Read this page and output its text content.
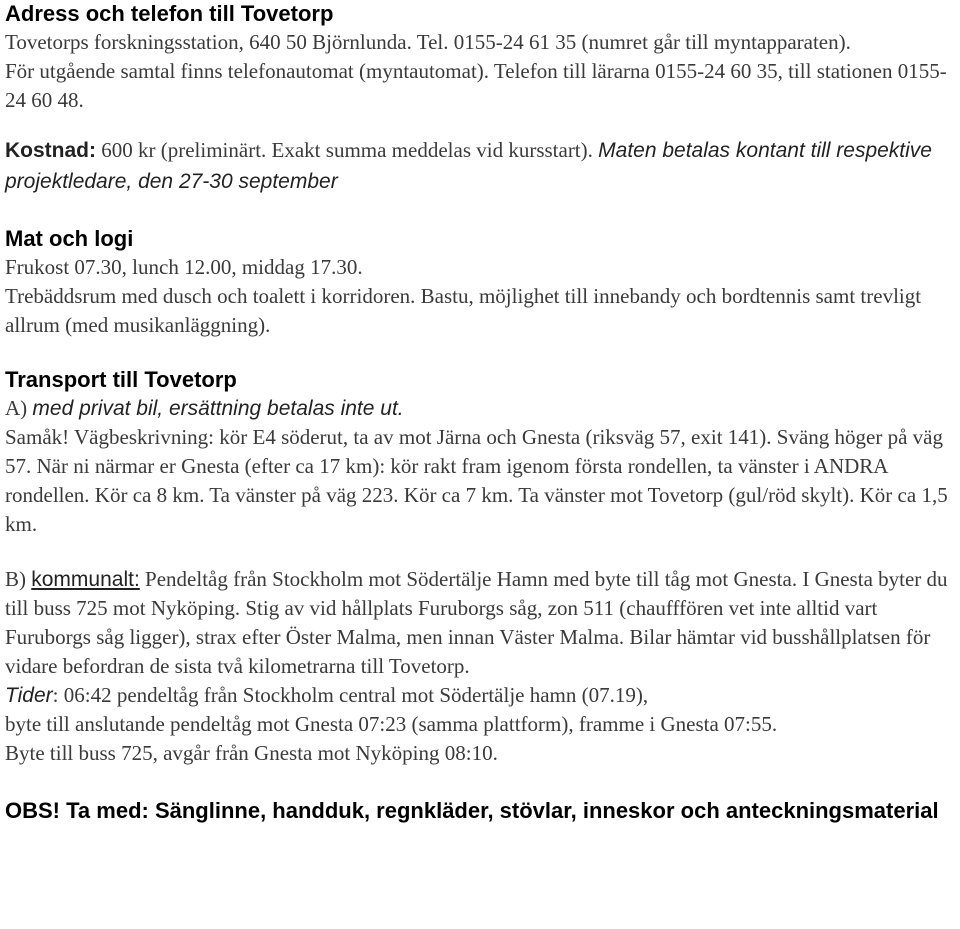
Adress och telefon till Tovetorp

Tovetorps forskningsstation, 640 50 Björnlunda. Tel. 0155-24 61 35 (numret går till myntapparaten).

För utgående samtal finns telefonautomat (myntautomat). Telefon till lärarna 0155-24 60 35, till stationen 0155-24 60 48.

Kostnad: 600 kr (preliminärt. Exakt summa meddelas vid kursstart). Maten betalas kontant till respektive projektledare, den 27-30 september

Mat och logi

Frukost 07.30, lunch 12.00, middag 17.30.

Trebäddsrum med dusch och toalett i korridoren. Bastu, möjlighet till innebandy och bordtennis samt trevligt allrum (med musikanläggning).

Transport till Tovetorp

A) med privat bil, ersättning betalas inte ut.

Samåk! Vägbeskrivning: kör E4 söderut, ta av mot Järna och Gnesta (riksväg 57, exit 141). Sväng höger på väg 57. När ni närmar er Gnesta (efter ca 17 km): kör rakt fram igenom första rondellen, ta vänster i ANDRA rondellen. Kör ca 8 km. Ta vänster på väg 223. Kör ca 7 km. Ta vänster mot Tovetorp (gul/röd skylt). Kör ca 1,5 km.

B) kommunalt: Pendeltåg från Stockholm mot Södertälje Hamn med byte till tåg mot Gnesta. I Gnesta byter du till buss 725 mot Nyköping. Stig av vid hållplats Furuborgs såg, zon 511 (chaufffören vet inte alltid vart Furuborgs såg ligger), strax efter Öster Malma, men innan Väster Malma. Bilar hämtar vid busshållplatsen för vidare befordran de sista två kilometrarna till Tovetorp.

Tider: 06:42 pendeltåg från Stockholm central mot Södertälje hamn (07.19),
byte till anslutande pendeltåg mot Gnesta 07:23 (samma plattform), framme i Gnesta 07:55.
Byte till buss 725, avgår från Gnesta mot Nyköping 08:10.

OBS! Ta med: Sänglinne, handduk, regnkläder, stövlar, inneskor och anteckningsmaterial
